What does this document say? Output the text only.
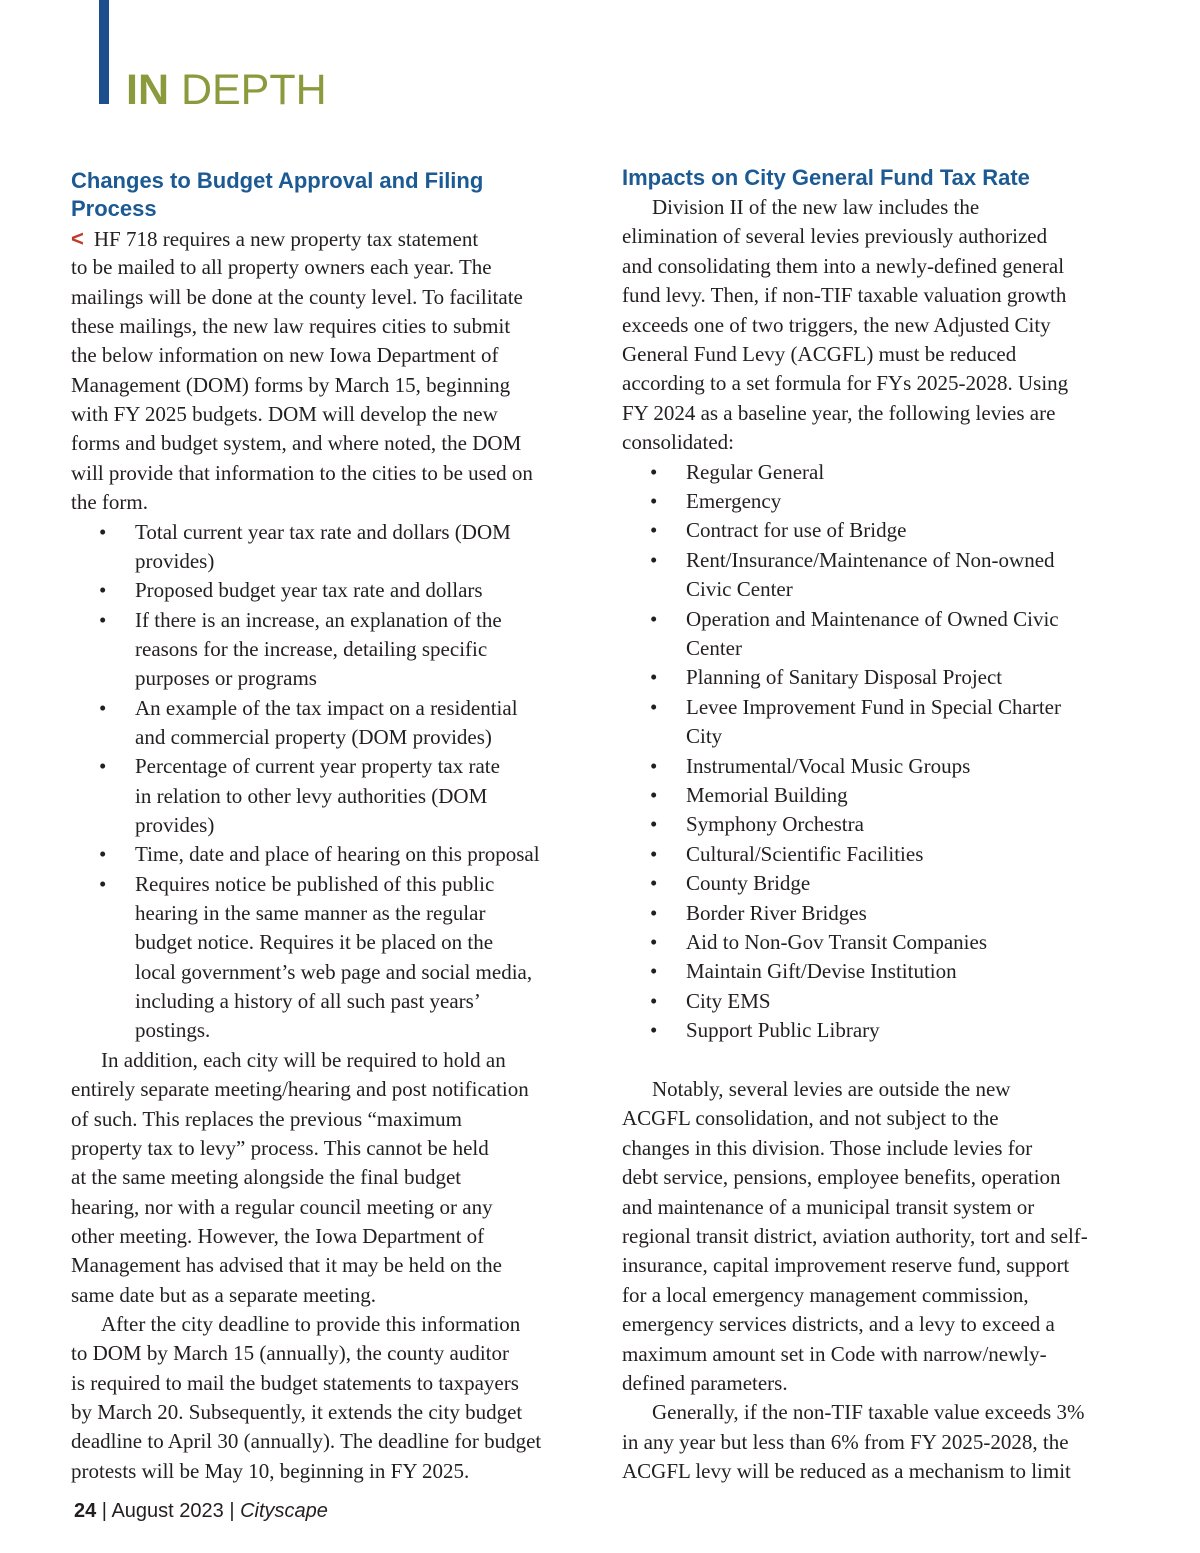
IN DEPTH
Changes to Budget Approval and Filing
Process

< HF 718 requires a new property tax statement

to be mailed to all property owners each year. The

mailings will be done at the county level. To facilitate

these mailings, the new law requires cities to submit

the below information on new Iowa Department of

Management (DOM) forms by March 15, beginning

with FY 2025 budgets. DOM will develop the new

forms and budget system, and where noted, the DOM

will provide that information to the cities to be used on

the form.

• Total current year tax rate and dollars (DOM

provides)

• Proposed budget year tax rate and dollars

• If there is an increase, an explanation of the

reasons for the increase, detailing specific

purposes or programs

• An example of the tax impact on a residential

and commercial property (DOM provides)

• Percentage of current year property tax rate

in relation to other levy authorities (DOM

provides)

• Time, date and place of hearing on this proposal

• Requires notice be published of this public

hearing in the same manner as the regular

budget notice. Requires it be placed on the

local government’s web page and social media,

including a history of all such past years’

postings.

In addition, each city will be required to hold an

entirely separate meeting/hearing and post notification

of such. This replaces the previous “maximum

property tax to levy” process. This cannot be held

at the same meeting alongside the final budget

hearing, nor with a regular council meeting or any

other meeting. However, the Iowa Department of

Management has advised that it may be held on the

same date but as a separate meeting.

After the city deadline to provide this information

to DOM by March 15 (annually), the county auditor

is required to mail the budget statements to taxpayers

by March 20. Subsequently, it extends the city budget

deadline to April 30 (annually). The deadline for budget

protests will be May 10, beginning in FY 2025.

Impacts on City General Fund Tax Rate

Division II of the new law includes the

elimination of several levies previously authorized

and consolidating them into a newly-defined general

fund levy. Then, if non-TIF taxable valuation growth

exceeds one of two triggers, the new Adjusted City

General Fund Levy (ACGFL) must be reduced

according to a set formula for FYs 2025-2028. Using

FY 2024 as a baseline year, the following levies are

consolidated:

• Regular General

• Emergency

• Contract for use of Bridge

• Rent/Insurance/Maintenance of Non-owned

Civic Center

• Operation and Maintenance of Owned Civic

Center

• Planning of Sanitary Disposal Project

• Levee Improvement Fund in Special Charter

City

• Instrumental/Vocal Music Groups

• Memorial Building

• Symphony Orchestra

• Cultural/Scientific Facilities

• County Bridge

• Border River Bridges

• Aid to Non-Gov Transit Companies

• Maintain Gift/Devise Institution

• City EMS

• Support Public Library

Notably, several levies are outside the new

ACGFL consolidation, and not subject to the

changes in this division. Those include levies for

debt service, pensions, employee benefits, operation

and maintenance of a municipal transit system or

regional transit district, aviation authority, tort and self-

insurance, capital improvement reserve fund, support

for a local emergency management commission,

emergency services districts, and a levy to exceed a

maximum amount set in Code with narrow/newly-

defined parameters.

Generally, if the non-TIF taxable value exceeds 3%

in any year but less than 6% from FY 2025-2028, the

ACGFL levy will be reduced as a mechanism to limit

24 | August 2023 | Cityscape
